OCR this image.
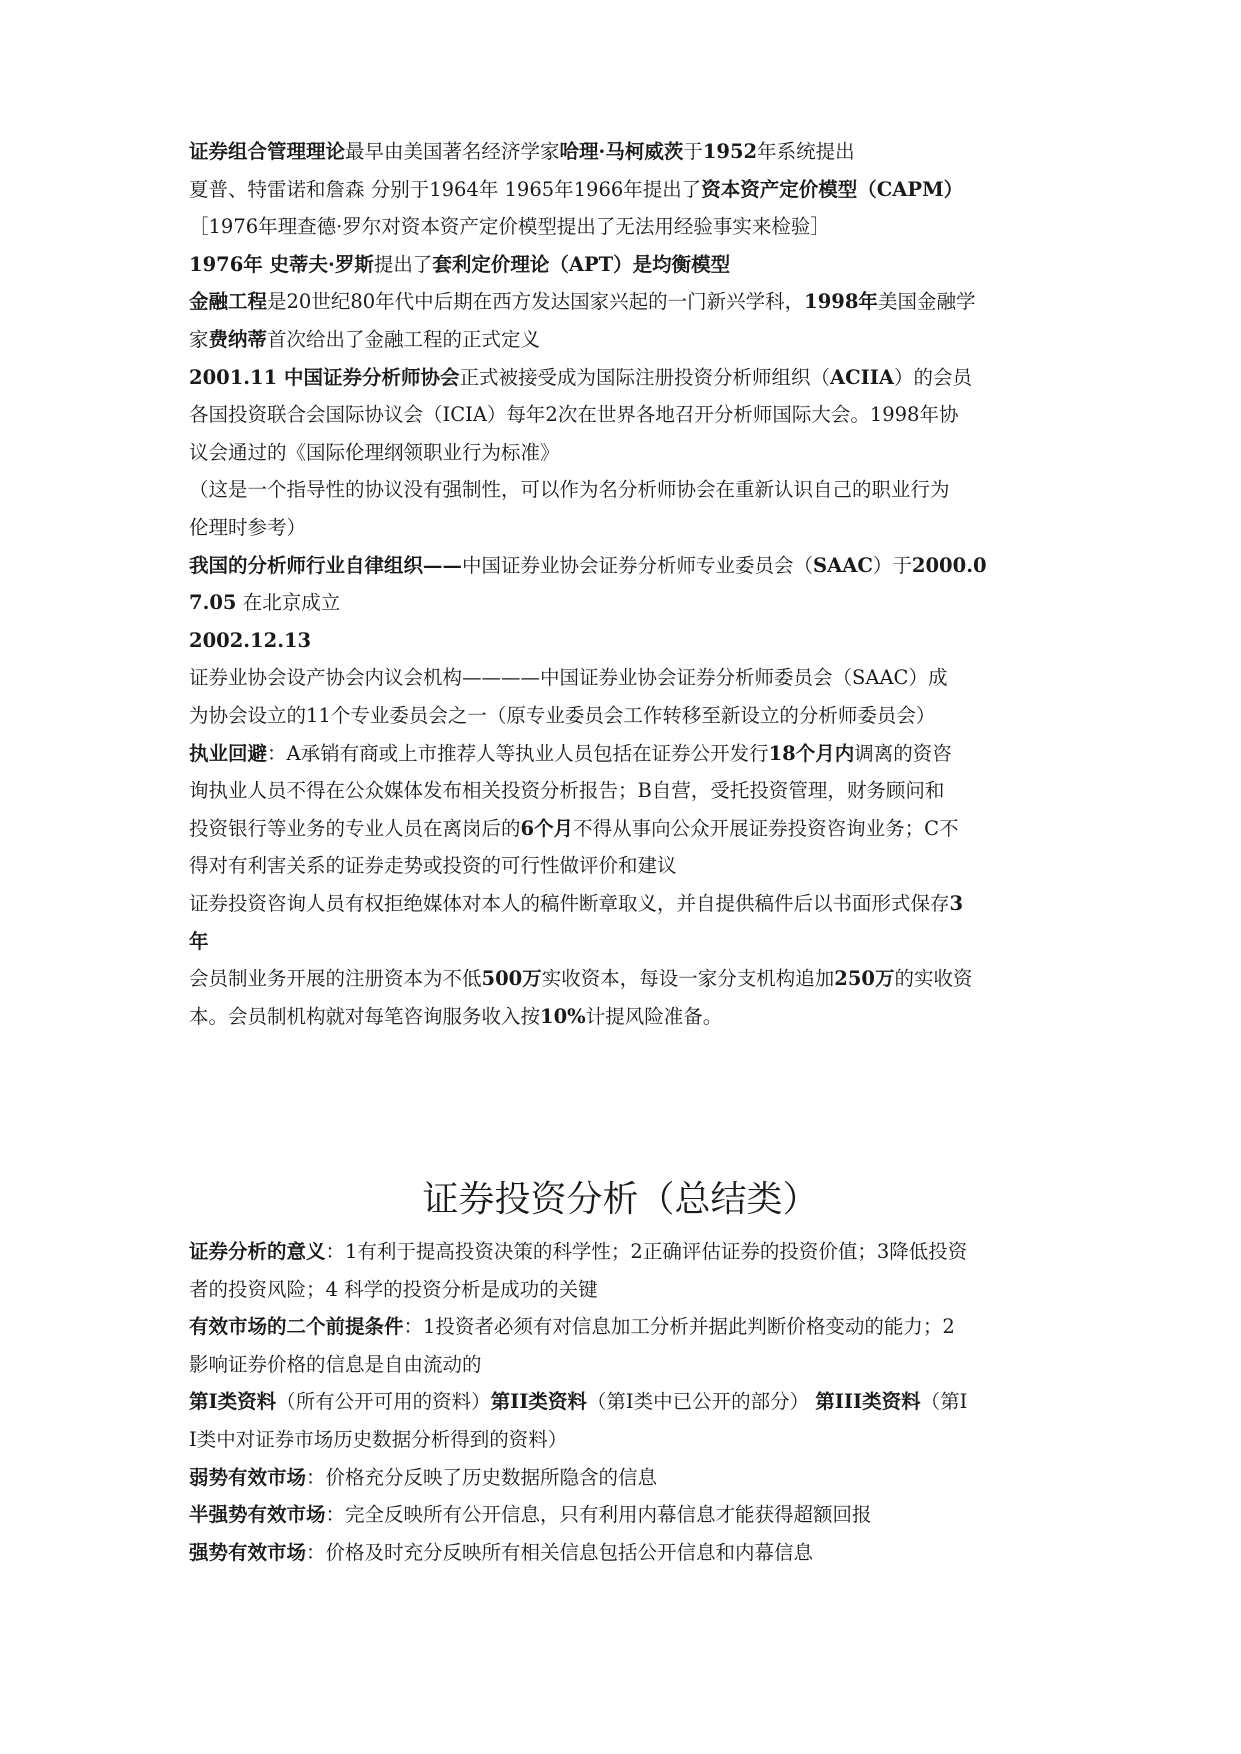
证券组合管理理论最早由美国著名经济学家哈理·马柯威茨于1952年系统提出
夏普、特雷诺和詹森 分别于1964年 1965年1966年提出了资本资产定价模型（CAPM）
［1976年理查德·罗尔对资本资产定价模型提出了无法用经验事实来检验］
1976年 史蒂夫·罗斯提出了套利定价理论（APT）是均衡模型
金融工程是20世纪80年代中后期在西方发达国家兴起的一门新兴学科，1998年美国金融学
家费纳蒂首次给出了金融工程的正式定义
2001.11 中国证券分析师协会正式被接受成为国际注册投资分析师组织（ACIIA）的会员
各国投资联合会国际协议会（ICIA）每年2次在世界各地召开分析师国际大会。1998年协
议会通过的《国际伦理纲领职业行为标准》
（这是一个指导性的协议没有强制性，可以作为名分析师协会在重新认识自己的职业行为
伦理时参考）
我国的分析师行业自律组织——中国证券业协会证券分析师专业委员会（SAAC）于2000.0
7.05 在北京成立
2002.12.13
证券业协会设产协会内议会机构————中国证券业协会证券分析师委员会（SAAC）成
为协会设立的11个专业委员会之一（原专业委员会工作转移至新设立的分析师委员会）
执业回避：A承销有商或上市推荐人等执业人员包括在证券公开发行18个月内调离的资咨
询执业人员不得在公众媒体发布相关投资分析报告；B自营，受托投资管理，财务顾问和
投资银行等业务的专业人员在离岗后的6个月不得从事向公众开展证券投资咨询业务；C不
得对有利害关系的证券走势或投资的可行性做评价和建议
证券投资咨询人员有权拒绝媒体对本人的稿件断章取义，并自提供稿件后以书面形式保存3
年
会员制业务开展的注册资本为不低500万实收资本，每设一家分支机构追加250万的实收资
本。会员制机构就对每笔咨询服务收入按10%计提风险准备。
证券投资分析（总结类）
证券分析的意义：1有利于提高投资决策的科学性；2正确评估证券的投资价值；3降低投资
者的投资风险；4 科学的投资分析是成功的关键
有效市场的二个前提条件：1投资者必须有对信息加工分析并据此判断价格变动的能力；2
影响证券价格的信息是自由流动的
第I类资料（所有公开可用的资料）第II类资料（第I类中已公开的部分） 第III类资料（第I
I类中对证券市场历史数据分析得到的资料）
弱势有效市场：价格充分反映了历史数据所隐含的信息
半强势有效市场：完全反映所有公开信息，只有利用内幕信息才能获得超额回报
强势有效市场：价格及时充分反映所有相关信息包括公开信息和内幕信息
